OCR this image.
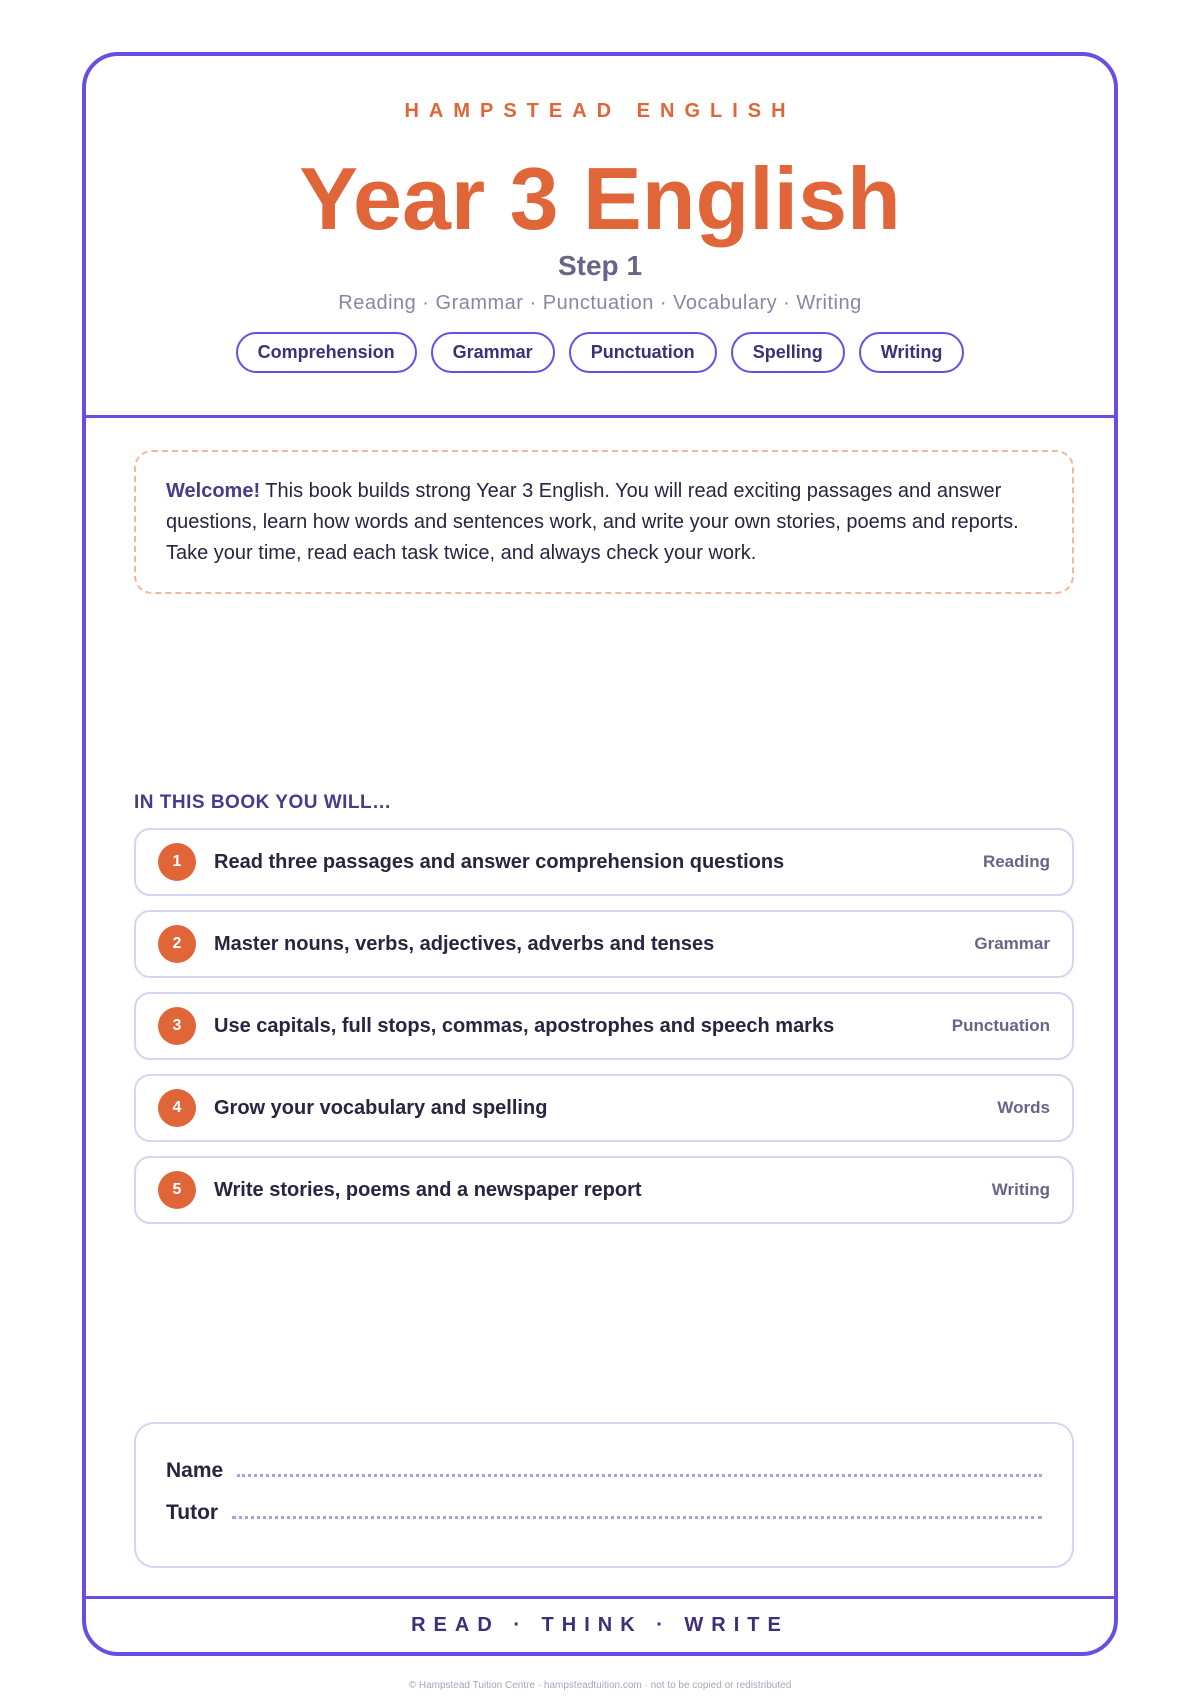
HAMPSTEAD ENGLISH
Year 3 English
Step 1
Reading · Grammar · Punctuation · Vocabulary · Writing
Comprehension	Grammar	Punctuation	Spelling	Writing
Welcome! This book builds strong Year 3 English. You will read exciting passages and answer questions, learn how words and sentences work, and write your own stories, poems and reports. Take your time, read each task twice, and always check your work.
IN THIS BOOK YOU WILL…
1	Read three passages and answer comprehension questions	Reading
2	Master nouns, verbs, adjectives, adverbs and tenses	Grammar
3	Use capitals, full stops, commas, apostrophes and speech marks	Punctuation
4	Grow your vocabulary and spelling	Words
5	Write stories, poems and a newspaper report	Writing
Name
Tutor
READ · THINK · WRITE
© Hampstead Tuition Centre · hampsteadtuition.com · not to be copied or redistributed
